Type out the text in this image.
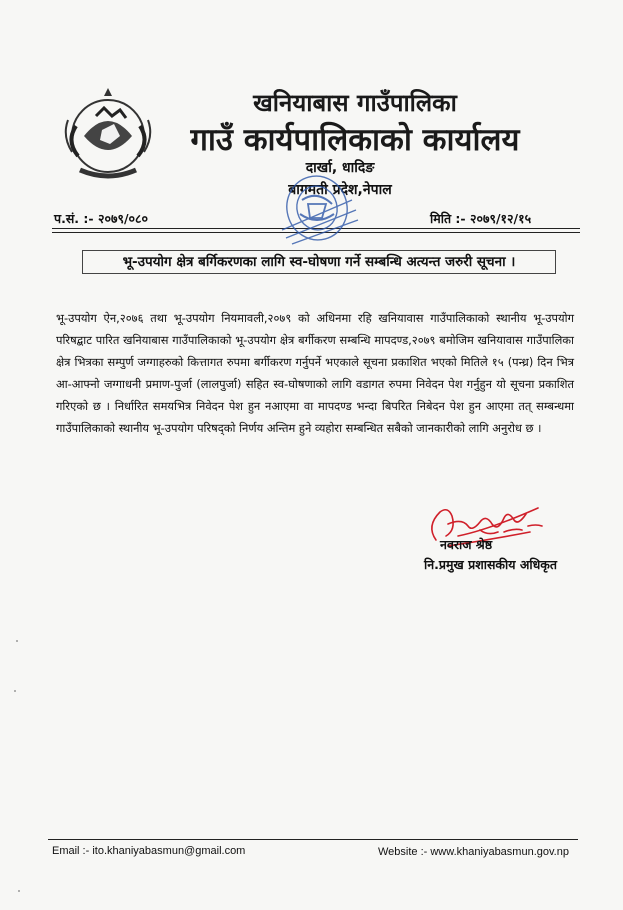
खनियाबास गाउँपालिका
गाउँ कार्यपालिकाको कार्यालय
दार्खा, धादिङ
बागमती प्रदेश,नेपाल
प.सं. :- २०७९/०८०	मिति :- २०७९/१२/१५
भू-उपयोग क्षेत्र बर्गिकरणका लागि स्व-घोषणा गर्ने सम्बन्धि अत्यन्त जरुरी सूचना ।
भू-उपयोग ऐन,२०७६ तथा भू-उपयोग नियमावली,२०७९ को अधिनमा रहि खनियावास गाउँपालिकाको स्थानीय भू-उपयोग परिषद्बाट पारित खनियाबास गाउँपालिकाको भू-उपयोग क्षेत्र बर्गीकरण सम्बन्धि मापदण्ड,२०७९ बमोजिम खनियावास गाउँपालिका क्षेत्र भित्रका सम्पुर्ण जग्गाहरुको कित्तागत रुपमा बर्गीकरण गर्नुपर्ने भएकाले सूचना प्रकाशित भएको मितिले १५ (पन्ध्र) दिन भित्र आ-आफ्नो जग्गाधनी प्रमाण-पुर्जा (लालपुर्जा) सहित स्व-घोषणाको लागि वडागत रुपमा निवेदन पेश गर्नुहुन यो सूचना प्रकाशित गरिएको छ । निर्धारित समयभित्र निवेदन पेश हुन नआएमा वा मापदण्ड भन्दा बिपरित निबेदन पेश हुन आएमा तत् सम्बन्धमा गाउँपालिकाको स्थानीय भू-उपयोग परिषद्को निर्णय अन्तिम हुने व्यहोरा सम्बन्धित सबैको जानकारीको लागि अनुरोध छ ।
नवराज श्रेष्ठ
नि.प्रमुख प्रशासकीय अधिकृत
Email :- ito.khaniyabasmun@gmail.com	Website :- www.khaniyabasmun.gov.np
